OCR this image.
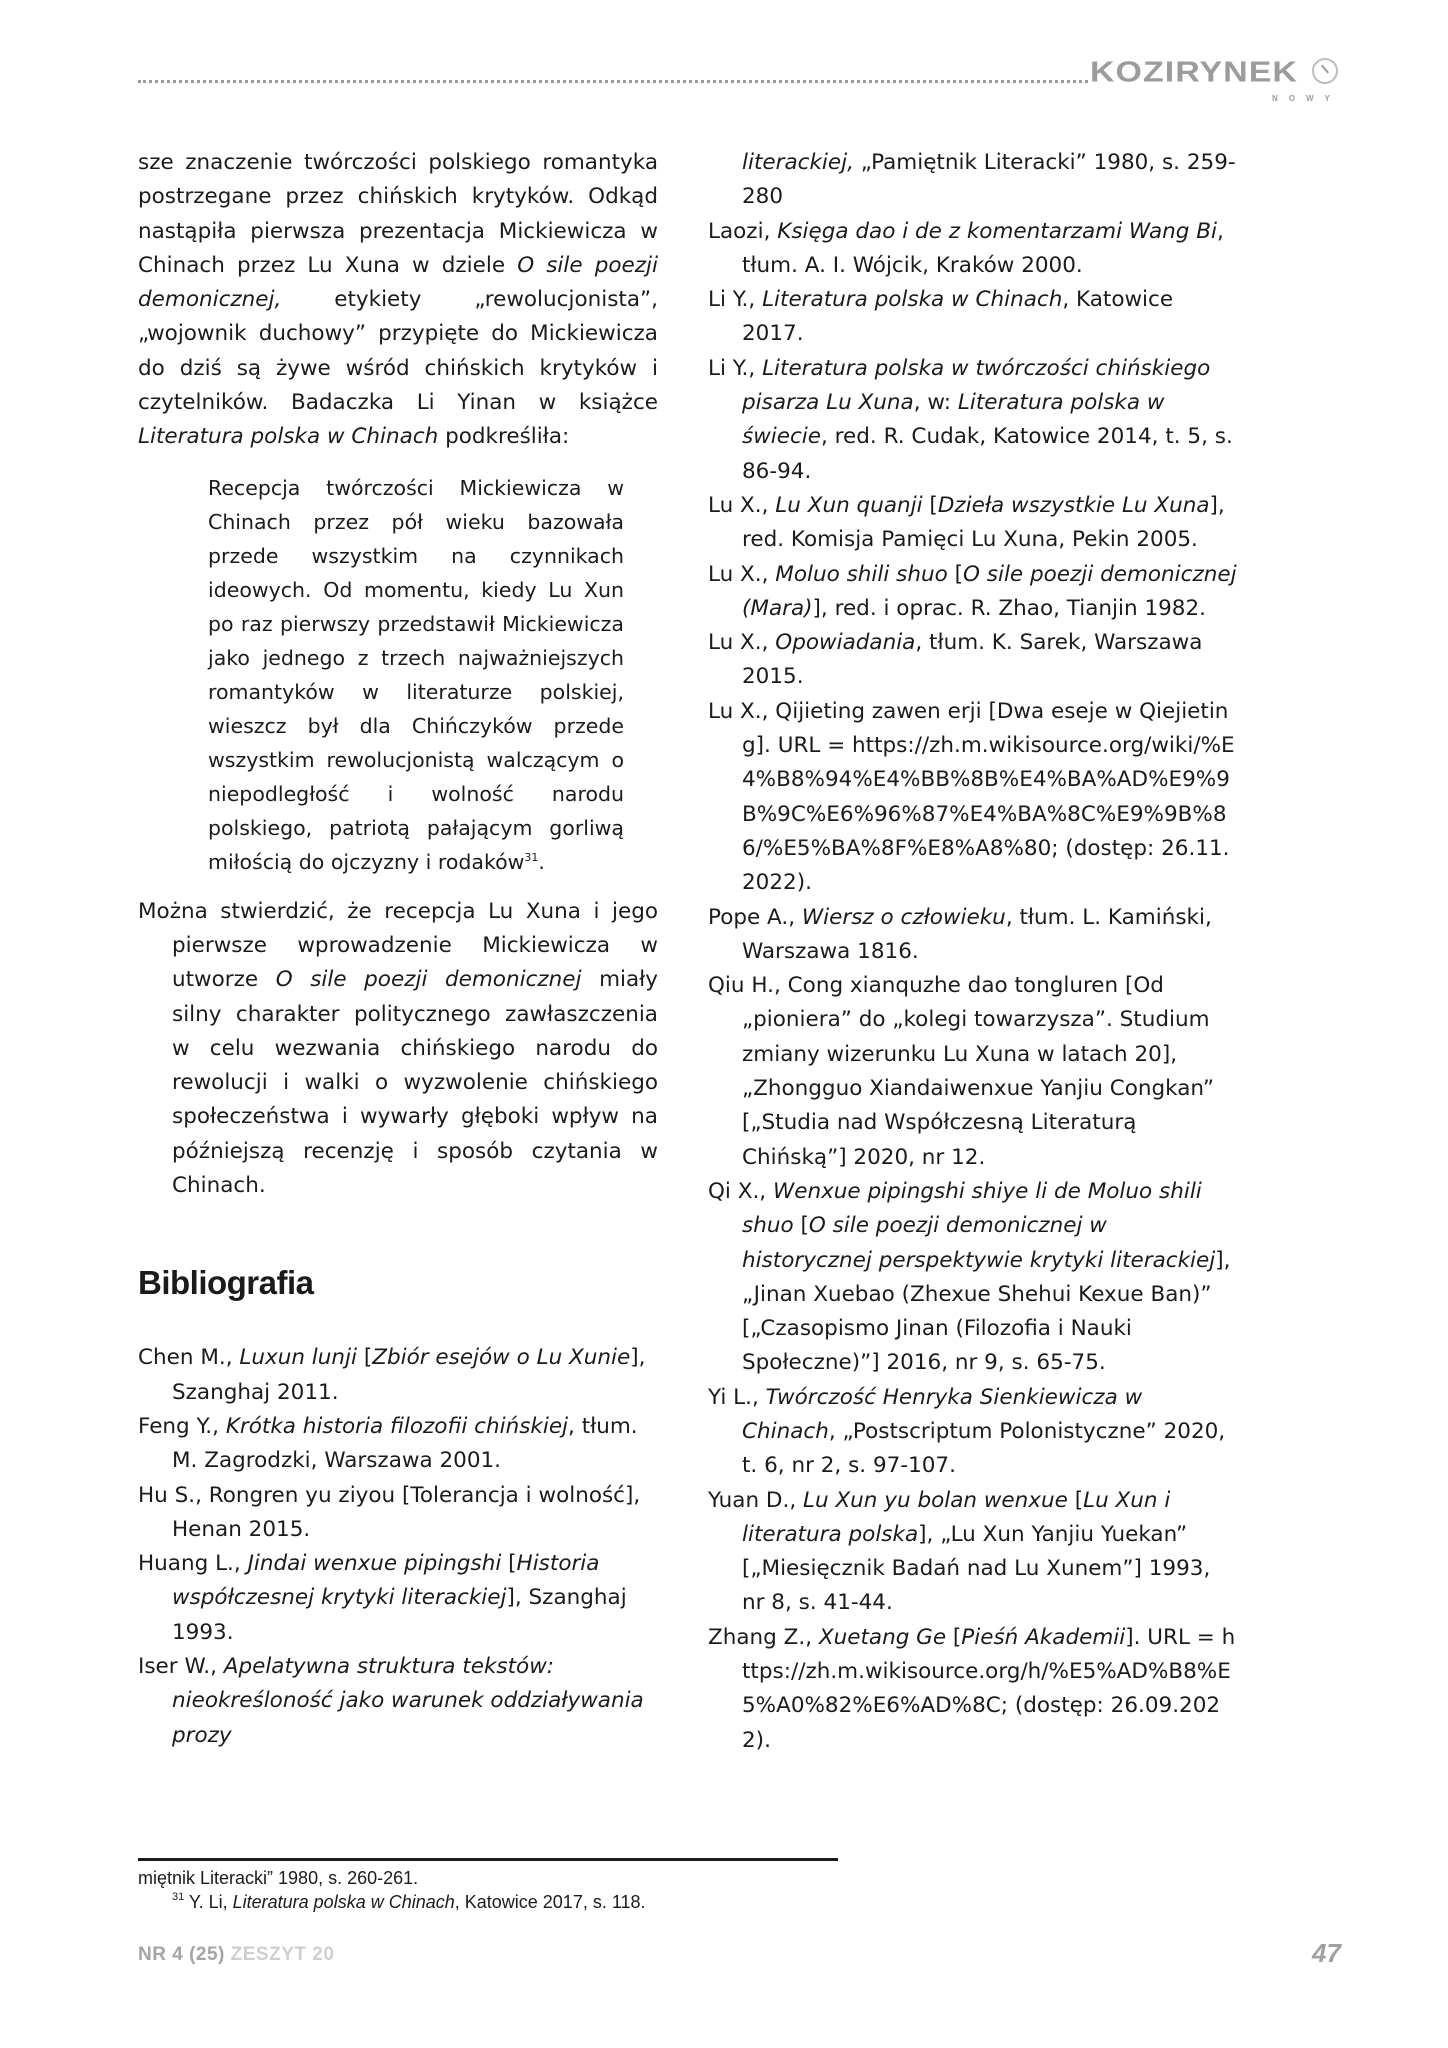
KOZIRYNEK
NOWY

sze znaczenie twórczości polskiego romantyka postrzegane przez chińskich krytyków. Odkąd nastąpiła pierwsza prezentacja Mickiewicza w Chinach przez Lu Xuna w dziele O sile poezji demonicznej, etykiety „rewolucjonista”, „wojownik duchowy” przypięte do Mickiewicza do dziś są żywe wśród chińskich krytyków i czytelników. Badaczka Li Yinan w książce Literatura polska w Chinach podkreśliła:

Recepcja twórczości Mickiewicza w Chinach przez pół wieku bazowała przede wszystkim na czynnikach ideowych. Od momentu, kiedy Lu Xun po raz pierwszy przedstawił Mickiewicza jako jednego z trzech najważniejszych romantyków w literaturze polskiej, wieszcz był dla Chińczyków przede wszystkim rewolucjonistą walczącym o niepodległość i wolność narodu polskiego, patriotą pałającym gorliwą miłością do ojczyzny i rodaków$^{31}$.

Można stwierdzić, że recepcja Lu Xuna i jego pierwsze wprowadzenie Mickiewicza w utworze O sile poezji demonicznej miały silny charakter politycznego zawłaszczenia w celu wezwania chińskiego narodu do rewolucji i walki o wyzwolenie chińskiego społeczeństwa i wywarły głęboki wpływ na późniejszą recenzję i sposób czytania w Chinach.

Bibliografia

Chen M., Luxun lunji [Zbiór esejów o Lu Xunie], Szanghaj 2011.

Feng Y., Krótka historia filozofii chińskiej, tłum. M. Zagrodzki, Warszawa 2001.

Hu S., Rongren yu ziyou [Tolerancja i wolność], Henan 2015.

Huang L., Jindai wenxue pipingshi [Historia współczesnej krytyki literackiej], Szanghaj 1993.

Iser W., Apelatywna struktura tekstów: nieokreśloność jako warunek oddziaływania prozy

literackiej, „Pamiętnik Literacki” 1980, s. 259-280

Laozi, Księga dao i de z komentarzami Wang Bi, tłum. A. I. Wójcik, Kraków 2000.

Li Y., Literatura polska w Chinach, Katowice 2017.

Li Y., Literatura polska w twórczości chińskiego pisarza Lu Xuna, w: Literatura polska w świecie, red. R. Cudak, Katowice 2014, t. 5, s. 86-94.

Lu X., Lu Xun quanji [Dzieła wszystkie Lu Xuna], red. Komisja Pamięci Lu Xuna, Pekin 2005.

Lu X., Moluo shili shuo [O sile poezji demonicznej (Mara)], red. i oprac. R. Zhao, Tianjin 1982.

Lu X., Opowiadania, tłum. K. Sarek, Warszawa 2015.

Lu X., Qijieting zawen erji [Dwa eseje w Qiejieting]. URL = https://zh.m.wikisource.org/wiki/%E4%B8%94%E4%BB%8B%E4%BA%AD%E9%9B%9C%E6%96%87%E4%BA%8C%E9%9B%86/%E5%BA%8F%E8%A8%80; (dostęp: 26.11.2022).

Pope A., Wiersz o człowieku, tłum. L. Kamiński, Warszawa 1816.

Qiu H., Cong xianquzhe dao tongluren [Od „pioniera” do „kolegi towarzysza”. Studium zmiany wizerunku Lu Xuna w latach 20], „Zhongguo Xiandaiwenxue Yanjiu Congkan” [„Studia nad Współczesną Literaturą Chińską”] 2020, nr 12.

Qi X., Wenxue pipingshi shiye li de Moluo shili shuo [O sile poezji demonicznej w historycznej perspektywie krytyki literackiej], „Jinan Xuebao (Zhexue Shehui Kexue Ban)” [„Czasopismo Jinan (Filozofia i Nauki Społeczne)”] 2016, nr 9, s. 65-75.

Yi L., Twórczość Henryka Sienkiewicza w Chinach, „Postscriptum Polonistyczne” 2020, t. 6, nr 2, s. 97-107.

Yuan D., Lu Xun yu bolan wenxue [Lu Xun i literatura polska], „Lu Xun Yanjiu Yuekan” [„Miesięcznik Badań nad Lu Xunem”] 1993, nr 8, s. 41-44.

Zhang Z., Xuetang Ge [Pieśń Akademii]. URL = https://zh.m.wikisource.org/h/%E5%AD%B8%E5%A0%82%E6%AD%8C; (dostęp: 26.09.2022).

miętnik Literacki” 1980, s. 260-261.

$^{31}$ Y. Li, Literatura polska w Chinach, Katowice 2017, s. 118.

NR 4 (25) ZESZYT 20	47
